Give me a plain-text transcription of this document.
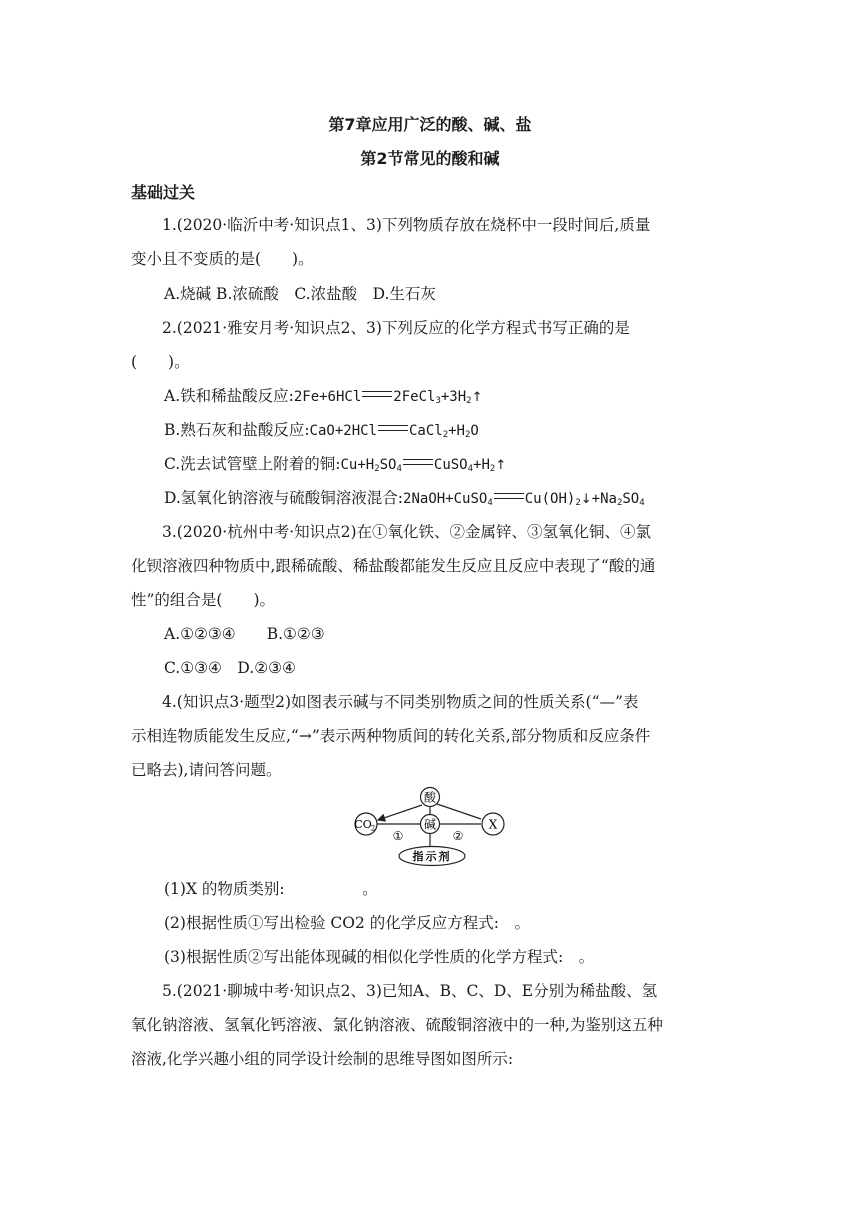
第7章应用广泛的酸、碱、盐
第2节常见的酸和碱
基础过关
1.(2020·临沂中考·知识点1、3)下列物质存放在烧杯中一段时间后,质量
变小且不变质的是(　　)。
A.烧碱 B.浓硫酸　C.浓盐酸　D.生石灰
2.(2021·雅安月考·知识点2、3)下列反应的化学方程式书写正确的是
(　　)。
A.铁和稀盐酸反应:2Fe+6HCl $2FeCl_3+3H_2↑$
B.熟石灰和盐酸反应:CaO+2HCl $CaCl_2+H_2O$
C.洗去试管壁上附着的铜$:Cu+H_2SO_4$ $CuSO_4+H_2↑$
D.氢氧化钠溶液与硫酸铜溶液混合:2NaOH+CuSO$_4$ $Cu(OH)_2↓+Na_2SO_4$
3.(2020·杭州中考·知识点2)在①氧化铁、②金属锌、③氢氧化铜、④氯
化钡溶液四种物质中,跟稀硫酸、稀盐酸都能发生反应且反应中表现了“酸的通
性”的组合是(　　)。
A.①②③④　　B.①②③
C.①③④　D.②③④
4.(知识点3·题型2)如图表示碱与不同类别物质之间的性质关系(“—”表
示相连物质能发生反应,“→”表示两种物质间的转化关系,部分物质和反应条件
已略去),请问答问题。
酸
CO 2	碱	X
指示剂
①	②
(1)X 的物质类别:　　　　　。
(2)根据性质①写出检验 CO2 的化学反应方程式:　。
(3)根据性质②写出能体现碱的相似化学性质的化学方程式:　。
5.(2021·聊城中考·知识点2、3)已知A、B、C、D、E分别为稀盐酸、氢
氧化钠溶液、氢氧化钙溶液、氯化钠溶液、硫酸铜溶液中的一种,为鉴别这五种
溶液,化学兴趣小组的同学设计绘制的思维导图如图所示:
